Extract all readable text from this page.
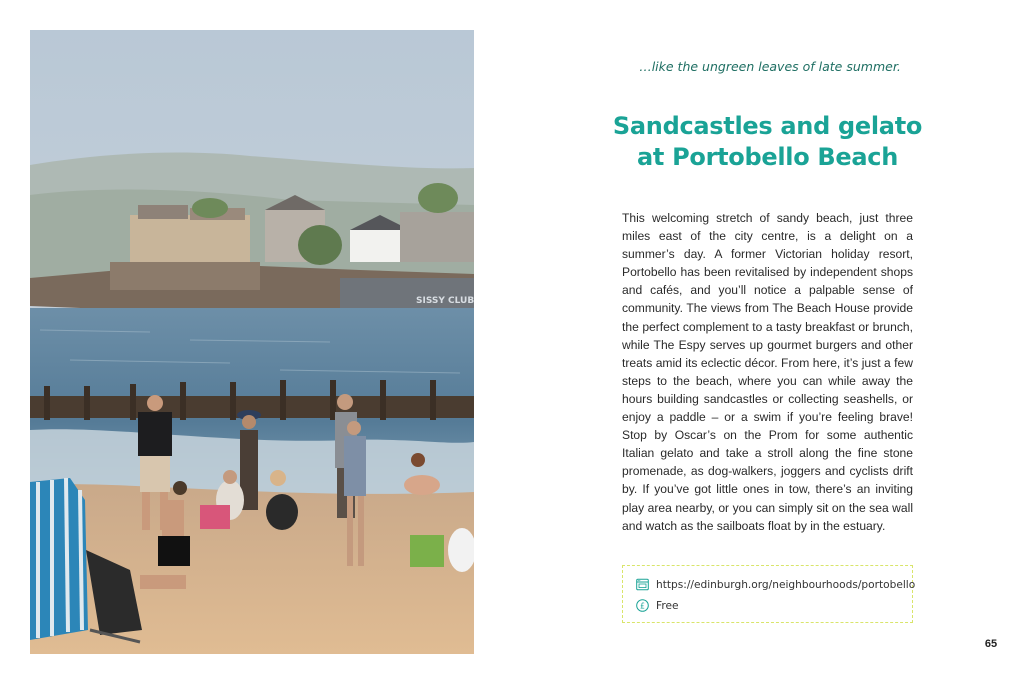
SISSY CLUB
…like the ungreen leaves of late summer.
Sandcastles and gelato
at Portobello Beach

This welcoming stretch of sandy beach, just three miles east of the city centre, is a delight on a summer’s day. A former Victorian holiday resort, Portobello has been revitalised by independent shops and cafés, and you’ll notice a palpable sense of community. The views from The Beach House provide the perfect complement to a tasty breakfast or brunch, while The Espy serves up gourmet burgers and other treats amid its eclectic décor. From here, it’s just a few steps to the beach, where you can while away the hours building sandcastles or collecting seashells, or enjoy a paddle – or a swim if you’re feeling brave! Stop by Oscar’s on the Prom for some authentic Italian gelato and take a stroll along the fine stone promenade, as dog-walkers, joggers and cyclists drift by. If you’ve got little ones in tow, there’s an inviting play area nearby, or you can simply sit on the sea wall and watch as the sailboats float by in the estuary.

https://edinburgh.org/neighbourhoods/portobello
£ Free
65
